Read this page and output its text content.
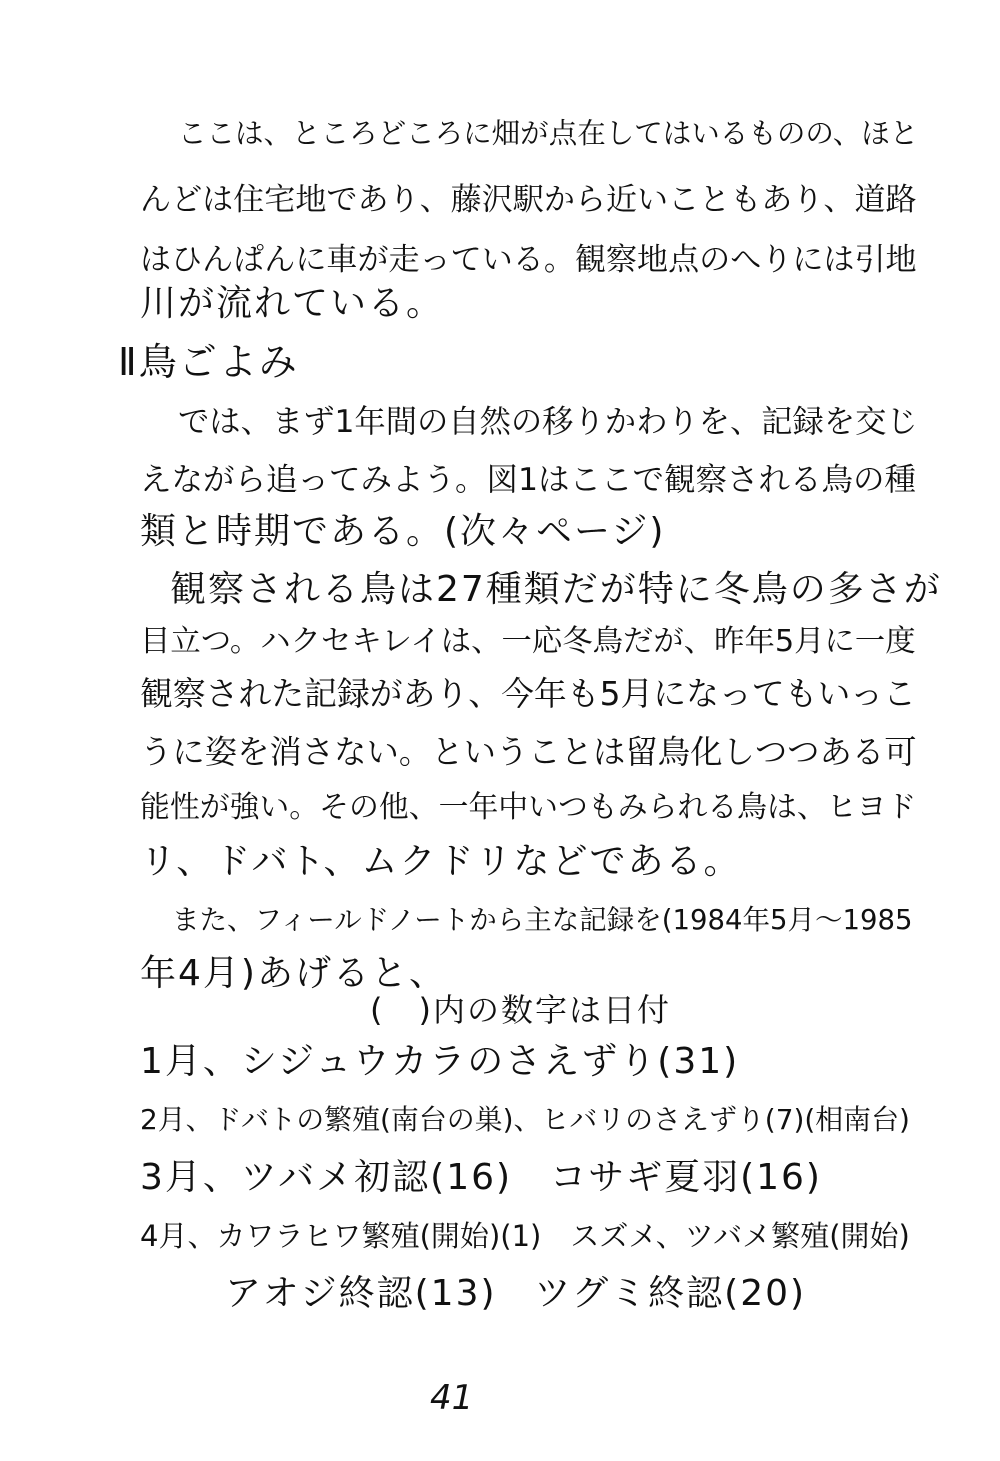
ここは、ところどころに畑が点在してはいるものの、ほと
んどは住宅地であり、藤沢駅から近いこともあり、道路
はひんぱんに車が走っている。観察地点のへりには引地
川が流れている。
Ⅱ鳥ごよみ
では、まず1年間の自然の移りかわりを、記録を交じ
えながら追ってみよう。図1はここで観察される鳥の種
類と時期である。(次々ページ)
観察される鳥は27種類だが特に冬鳥の多さが
目立つ。ハクセキレイは、一応冬鳥だが、昨年5月に一度
観察された記録があり、今年も5月になってもいっこ
うに姿を消さない。ということは留鳥化しつつある可
能性が強い。その他、一年中いつもみられる鳥は、ヒヨド
リ、ドバト、ムクドリなどである。
また、フィールドノートから主な記録を(1984年5月〜1985
年4月)あげると、
(　)内の数字は日付
1月、シジュウカラのさえずり(31)
2月、ドバトの繁殖(南台の巣)、ヒバリのさえずり(7)(相南台)
3月、ツバメ初認(16)　コサギ夏羽(16)
4月、カワラヒワ繁殖(開始)(1)　スズメ、ツバメ繁殖(開始)
アオジ終認(13)　ツグミ終認(20)
41
